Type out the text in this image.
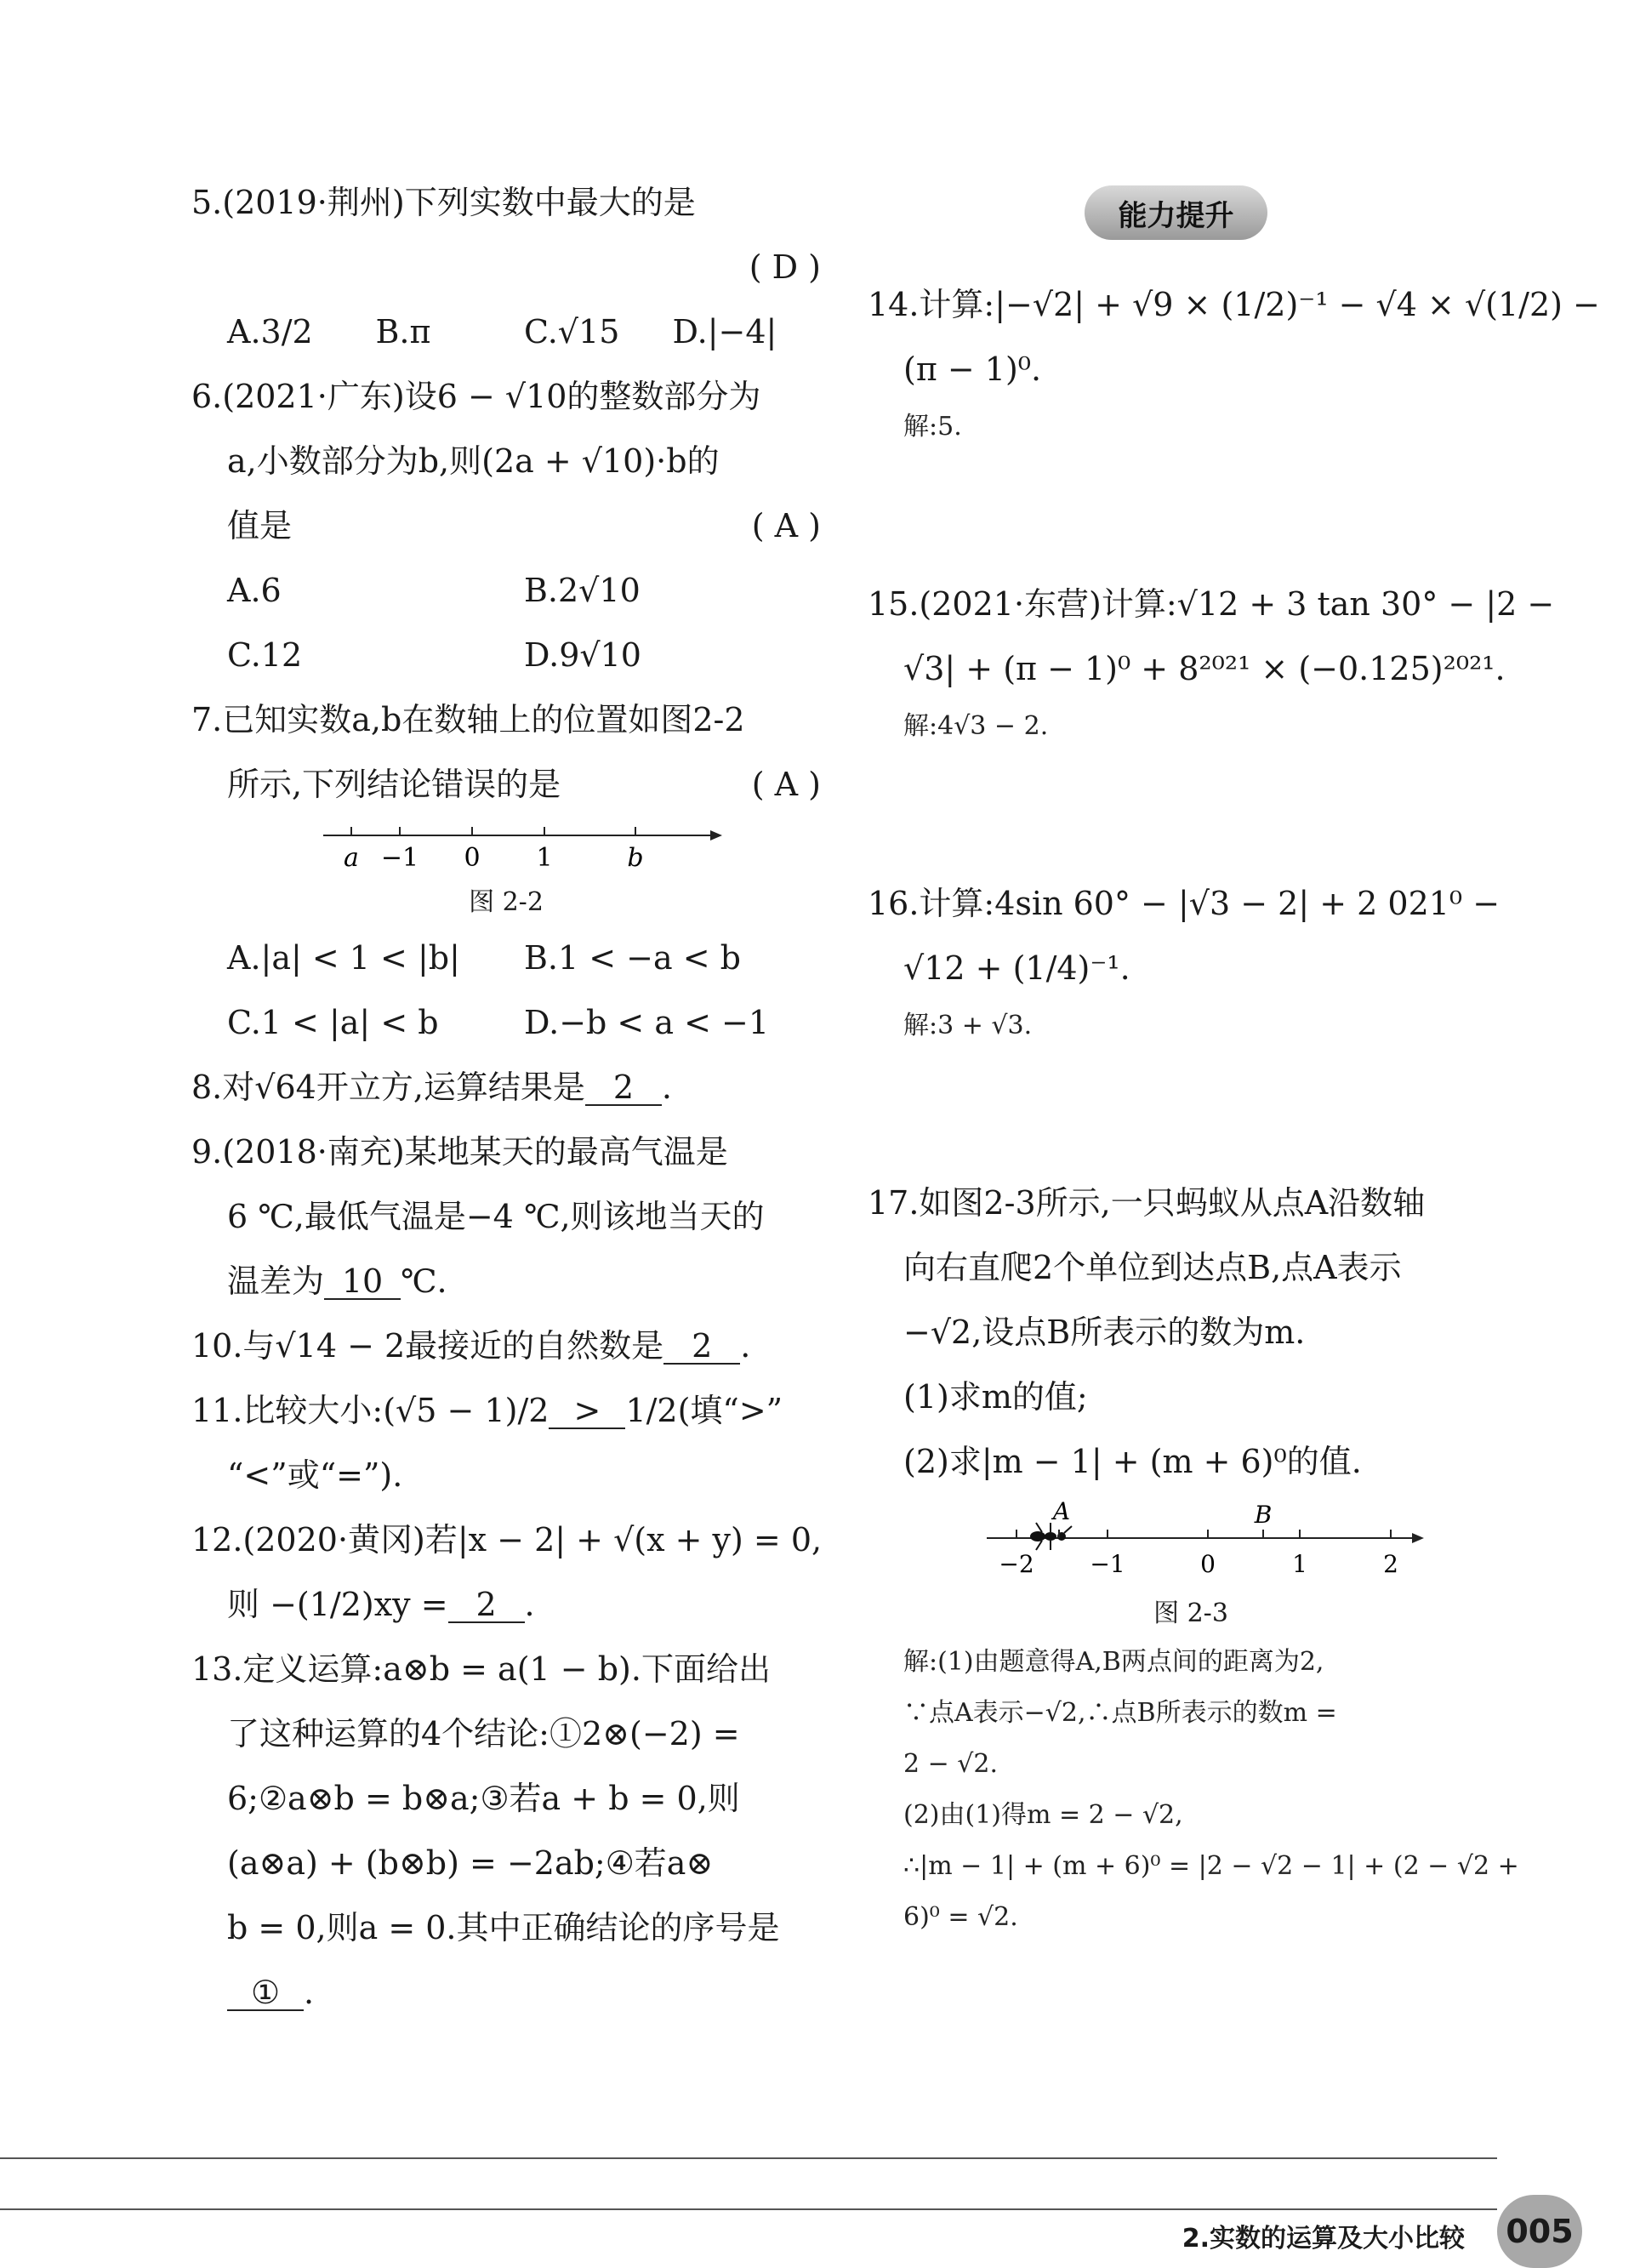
能力提升
5.(2019·荆州)下列实数中最大的是
( D )

A.3/2	B.π	C.√15	D.|−4|
6.(2021·广东)设6 − √10的整数部分为
a,小数部分为b,则(2a + √10)·b的
值是	( A )
A.6	B.2√10
C.12	D.9√10
7.已知实数a,b在数轴上的位置如图2-2
所示,下列结论错误的是	( A )
a −1 0 1	b
图 2-2
A.|a| < 1 < |b|	B.1 < −a < b
C.1 < |a| < b	D.−b < a < −1
8.对√64开立方,运算结果是 2 .
9.(2018·南充)某地某天的最高气温是
6 ℃,最低气温是−4 ℃,则该地当天的
温差为 10 ℃.
10.与√14 − 2最接近的自然数是 2 .
11.比较大小:(√5 − 1)/2 > 1/2(填“>”
“<”或“=”).
12.(2020·黄冈)若|x − 2| + √(x + y) = 0,
则 −(1/2)xy = 2 .
13.定义运算:a⊗b = a(1 − b).下面给出
了这种运算的4个结论:①2⊗(−2) =
6;②a⊗b = b⊗a;③若a + b = 0,则
(a⊗a) + (b⊗b) = −2ab;④若a⊗
b = 0,则a = 0.其中正确结论的序号是
① .
14.计算:|−√2| + √9 × (1/2)⁻¹ − √4 × √(1/2) −
(π − 1)⁰.
解:5.
15.(2021·东营)计算:√12 + 3 tan 30° − |2 −
√3| + (π − 1)⁰ + 8²⁰²¹ × (−0.125)²⁰²¹.
解:4√3 − 2.
16.计算:4sin 60° − |√3 − 2| + 2 021⁰ −
√12 + (1/4)⁻¹.
解:3 + √3.
17.如图2-3所示,一只蚂蚁从点A沿数轴
向右直爬2个单位到达点B,点A表示
−√2,设点B所表示的数为m.
(1)求m的值;
(2)求|m − 1| + (m + 6)⁰的值.
A	B
−2 −1	0	1	2
图 2-3
解:(1)由题意得A,B两点间的距离为2,
∵点A表示−√2,∴点B所表示的数m =
2 − √2.
(2)由(1)得m = 2 − √2,
∴|m − 1| + (m + 6)⁰ = |2 − √2 − 1| + (2 − √2 +
6)⁰ = √2.
2.实数的运算及大小比较	005
